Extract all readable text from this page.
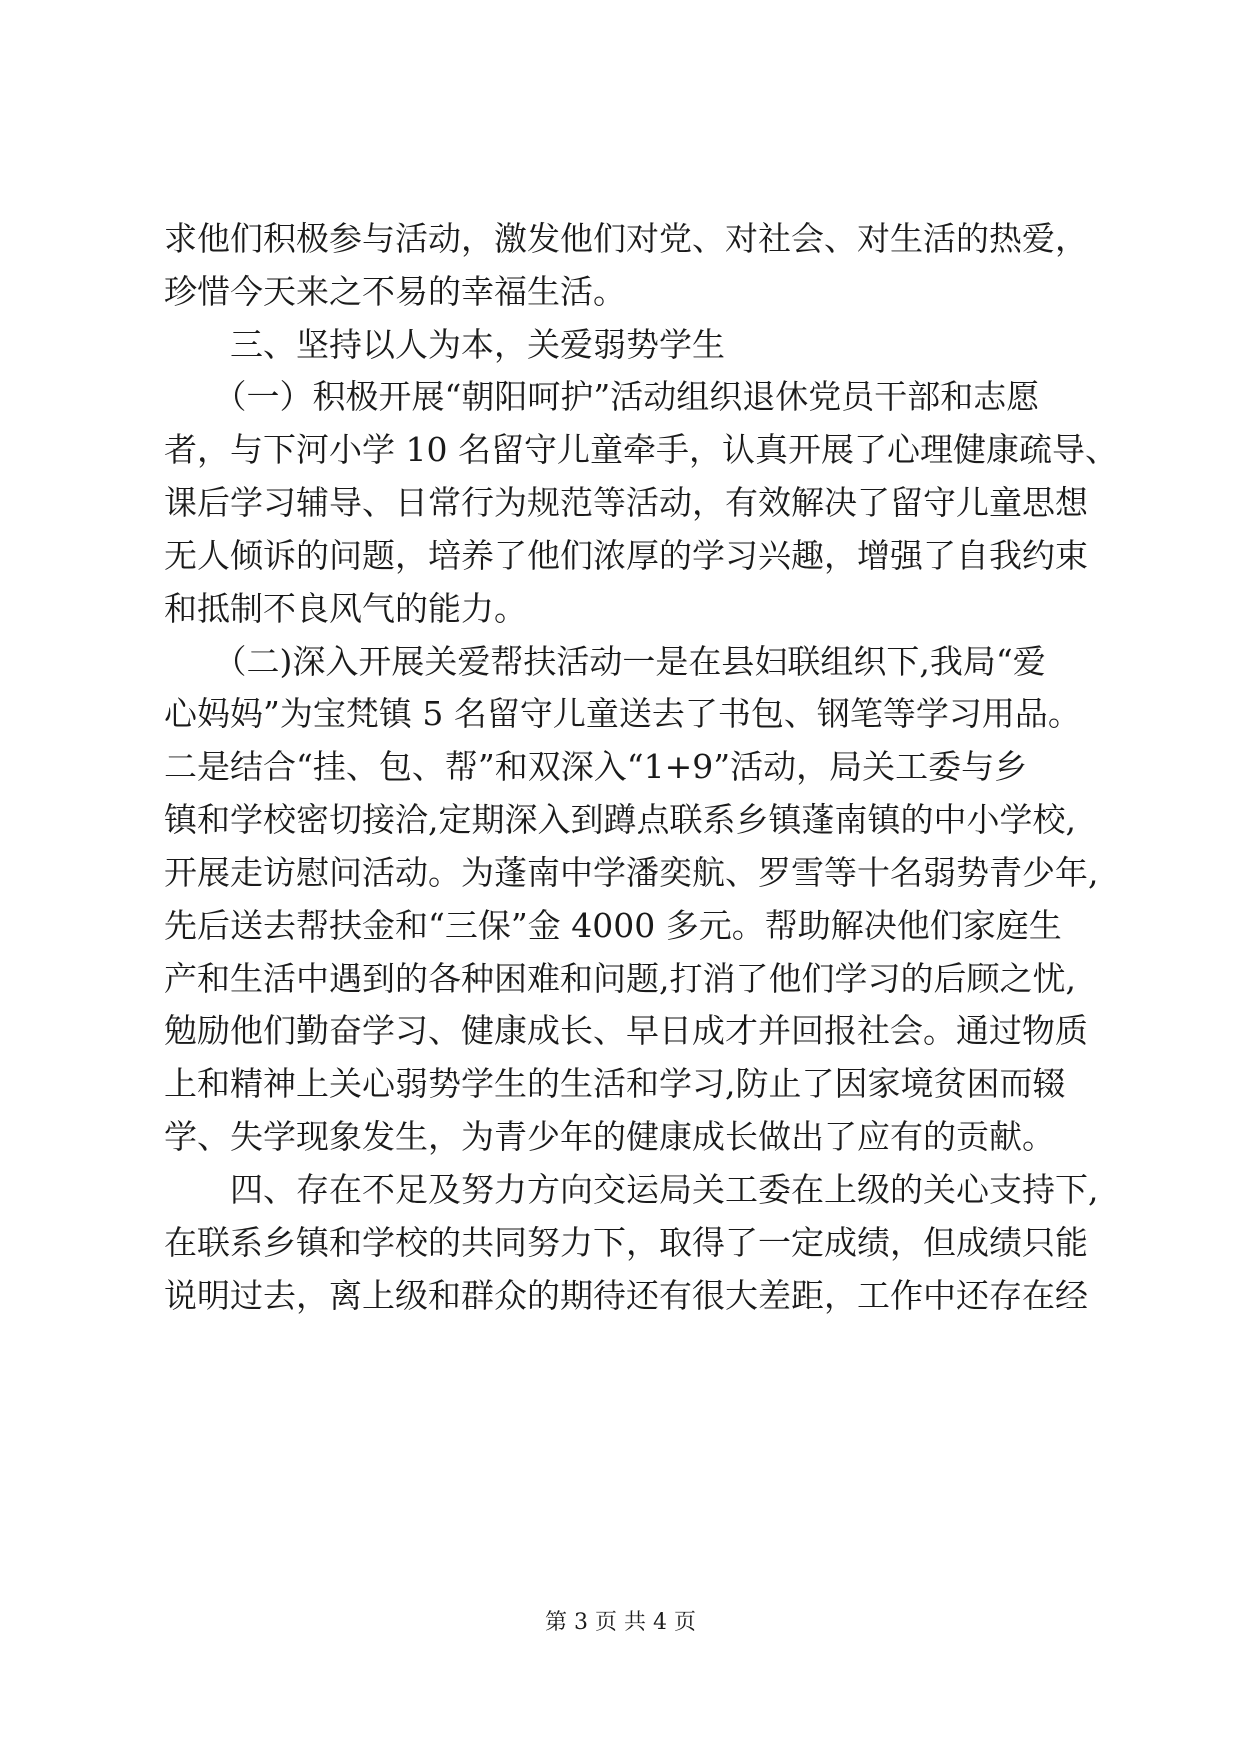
求他们积极参与活动，激发他们对党、对社会、对生活的热爱，
珍惜今天来之不易的幸福生活。
　　三、坚持以人为本，关爱弱势学生
　　（一）积极开展“朝阳呵护”活动组织退休党员干部和志愿
者，与下河小学 10 名留守儿童牵手，认真开展了心理健康疏导、
课后学习辅导、日常行为规范等活动，有效解决了留守儿童思想
无人倾诉的问题，培养了他们浓厚的学习兴趣，增强了自我约束
和抵制不良风气的能力。
　　（二)深入开展关爱帮扶活动一是在县妇联组织下,我局“爱
心妈妈”为宝梵镇 5 名留守儿童送去了书包、钢笔等学习用品。
二是结合“挂、包、帮”和双深入“1+9”活动，局关工委与乡
镇和学校密切接洽,定期深入到蹲点联系乡镇蓬南镇的中小学校,
开展走访慰问活动。为蓬南中学潘奕航、罗雪等十名弱势青少年,
先后送去帮扶金和“三保”金 4000 多元。帮助解决他们家庭生
产和生活中遇到的各种困难和问题,打消了他们学习的后顾之忧,
勉励他们勤奋学习、健康成长、早日成才并回报社会。通过物质
上和精神上关心弱势学生的生活和学习,防止了因家境贫困而辍
学、失学现象发生，为青少年的健康成长做出了应有的贡献。
　　四、存在不足及努力方向交运局关工委在上级的关心支持下,
在联系乡镇和学校的共同努力下，取得了一定成绩，但成绩只能
说明过去，离上级和群众的期待还有很大差距，工作中还存在经
第 3 页 共 4 页
